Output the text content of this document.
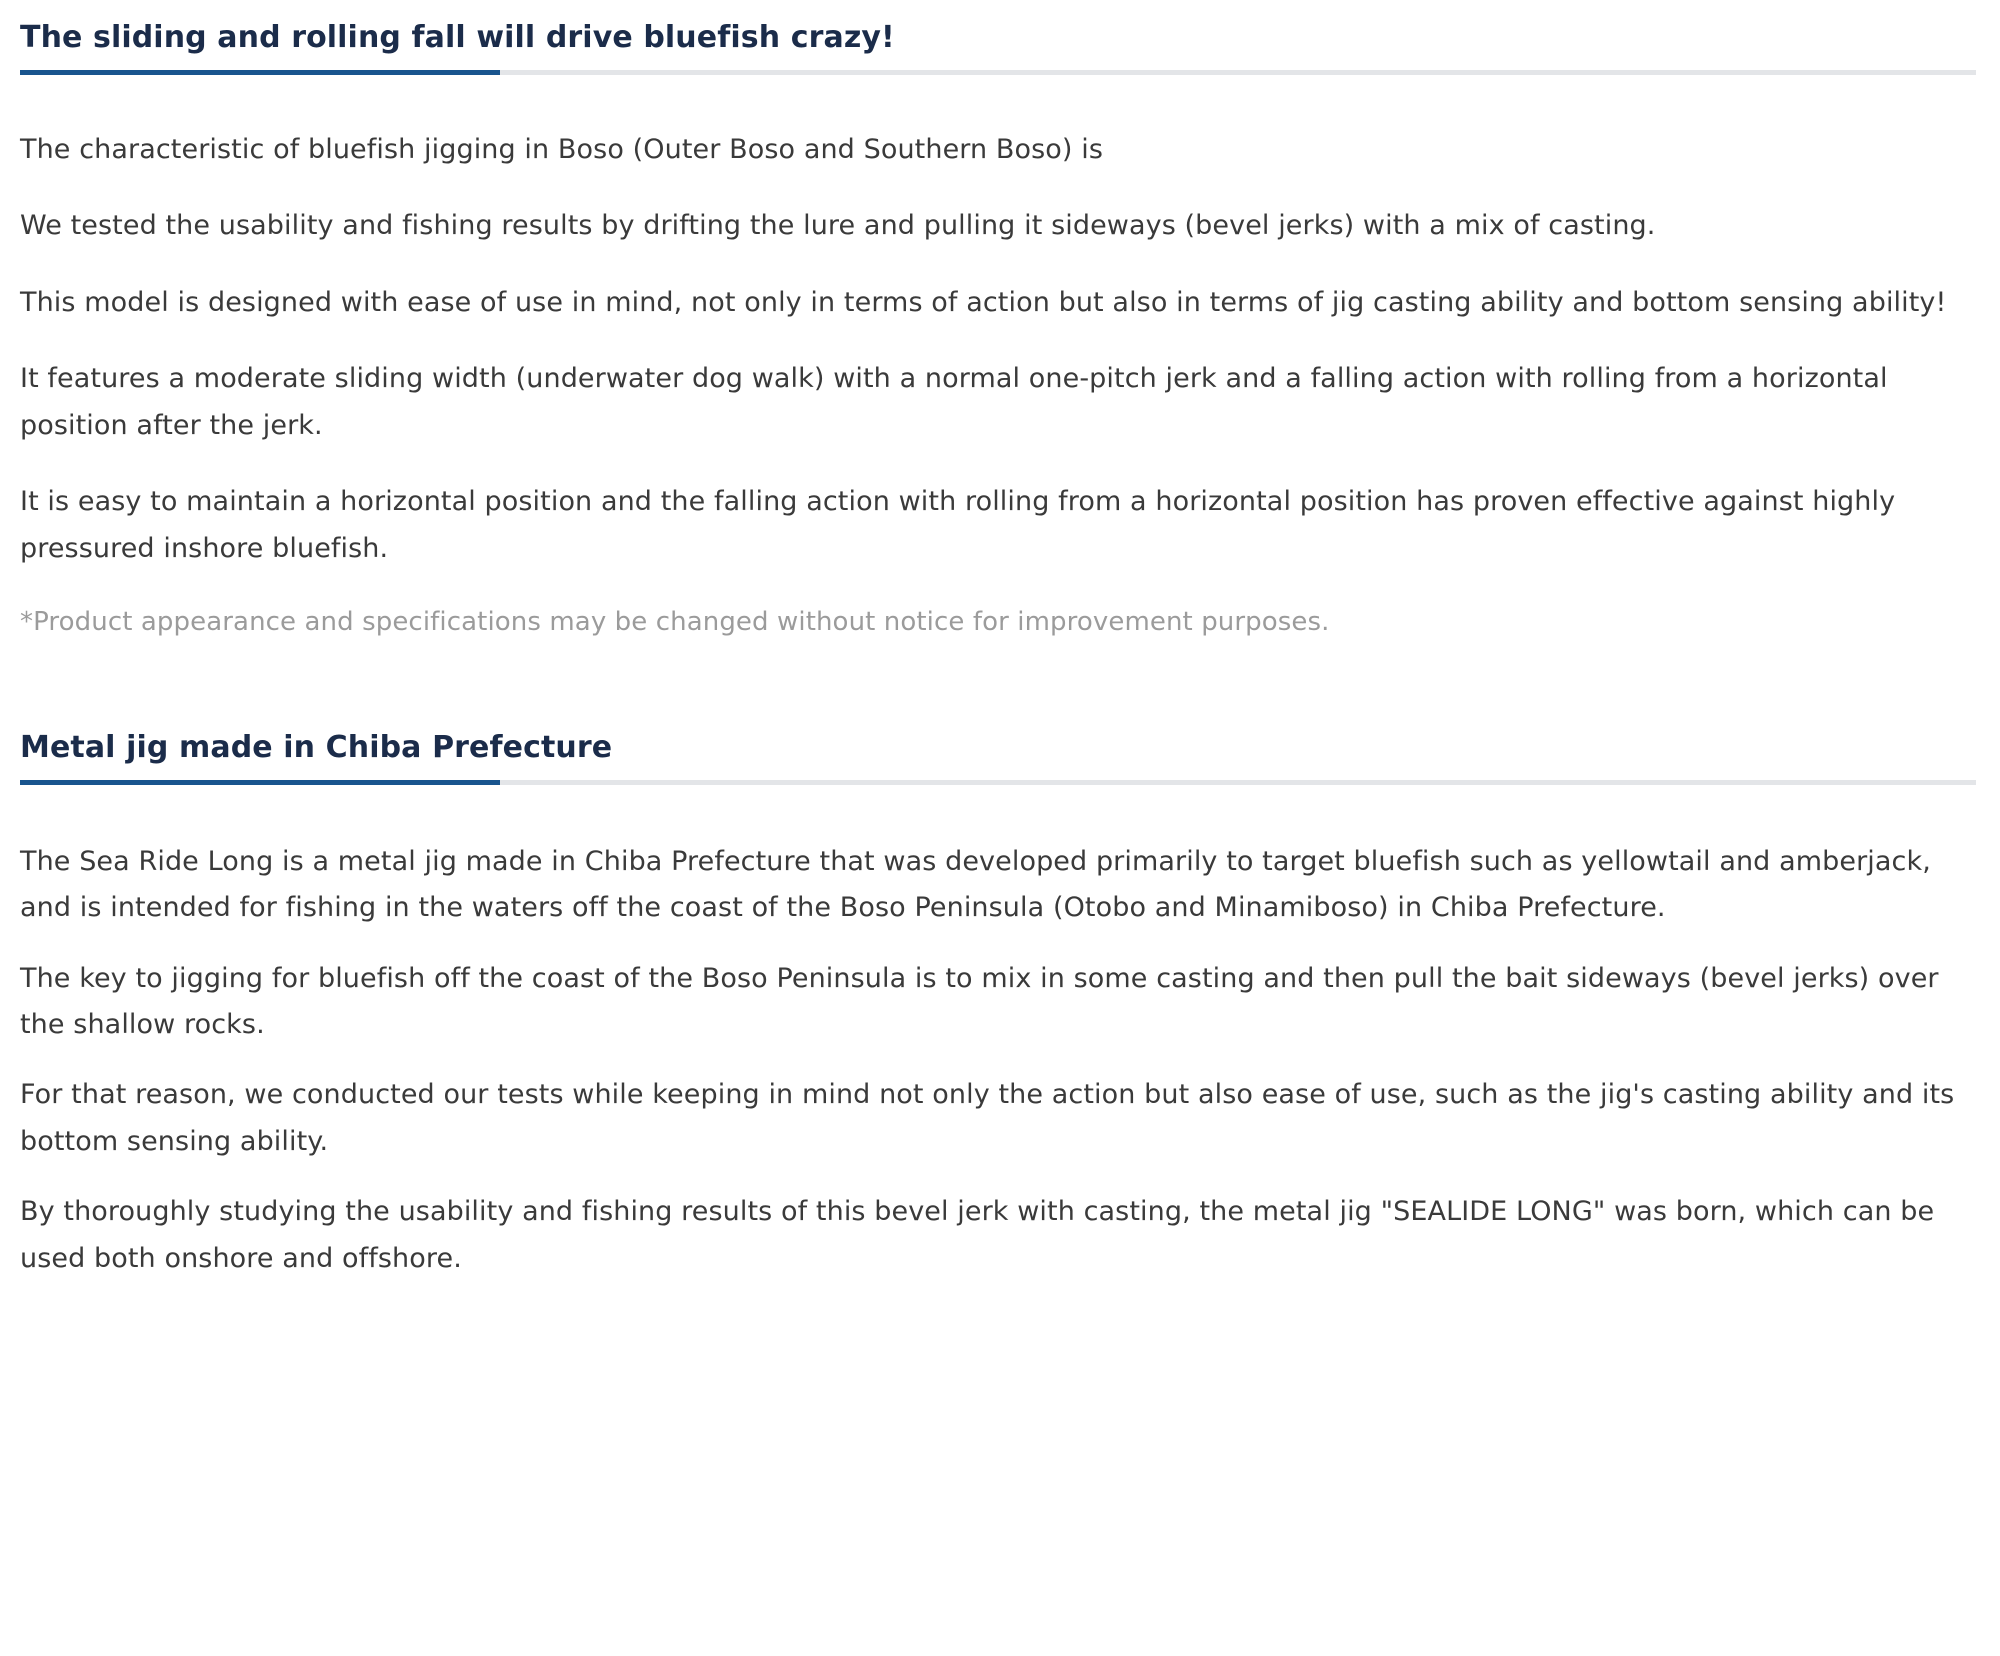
The sliding and rolling fall will drive bluefish crazy!

The characteristic of bluefish jigging in Boso (Outer Boso and Southern Boso) is

We tested the usability and fishing results by drifting the lure and pulling it sideways (bevel jerks) with a mix of casting.

This model is designed with ease of use in mind, not only in terms of action but also in terms of jig casting ability and bottom sensing ability!

It features a moderate sliding width (underwater dog walk) with a normal one-pitch jerk and a falling action with rolling from a horizontal position after the jerk.

It is easy to maintain a horizontal position and the falling action with rolling from a horizontal position has proven effective against highly pressured inshore bluefish.

*Product appearance and specifications may be changed without notice for improvement purposes.

Metal jig made in Chiba Prefecture

The Sea Ride Long is a metal jig made in Chiba Prefecture that was developed primarily to target bluefish such as yellowtail and amberjack, and is intended for fishing in the waters off the coast of the Boso Peninsula (Otobo and Minamiboso) in Chiba Prefecture.

The key to jigging for bluefish off the coast of the Boso Peninsula is to mix in some casting and then pull the bait sideways (bevel jerks) over the shallow rocks.

For that reason, we conducted our tests while keeping in mind not only the action but also ease of use, such as the jig's casting ability and its bottom sensing ability.

By thoroughly studying the usability and fishing results of this bevel jerk with casting, the metal jig "SEALIDE LONG" was born, which can be used both onshore and offshore.
